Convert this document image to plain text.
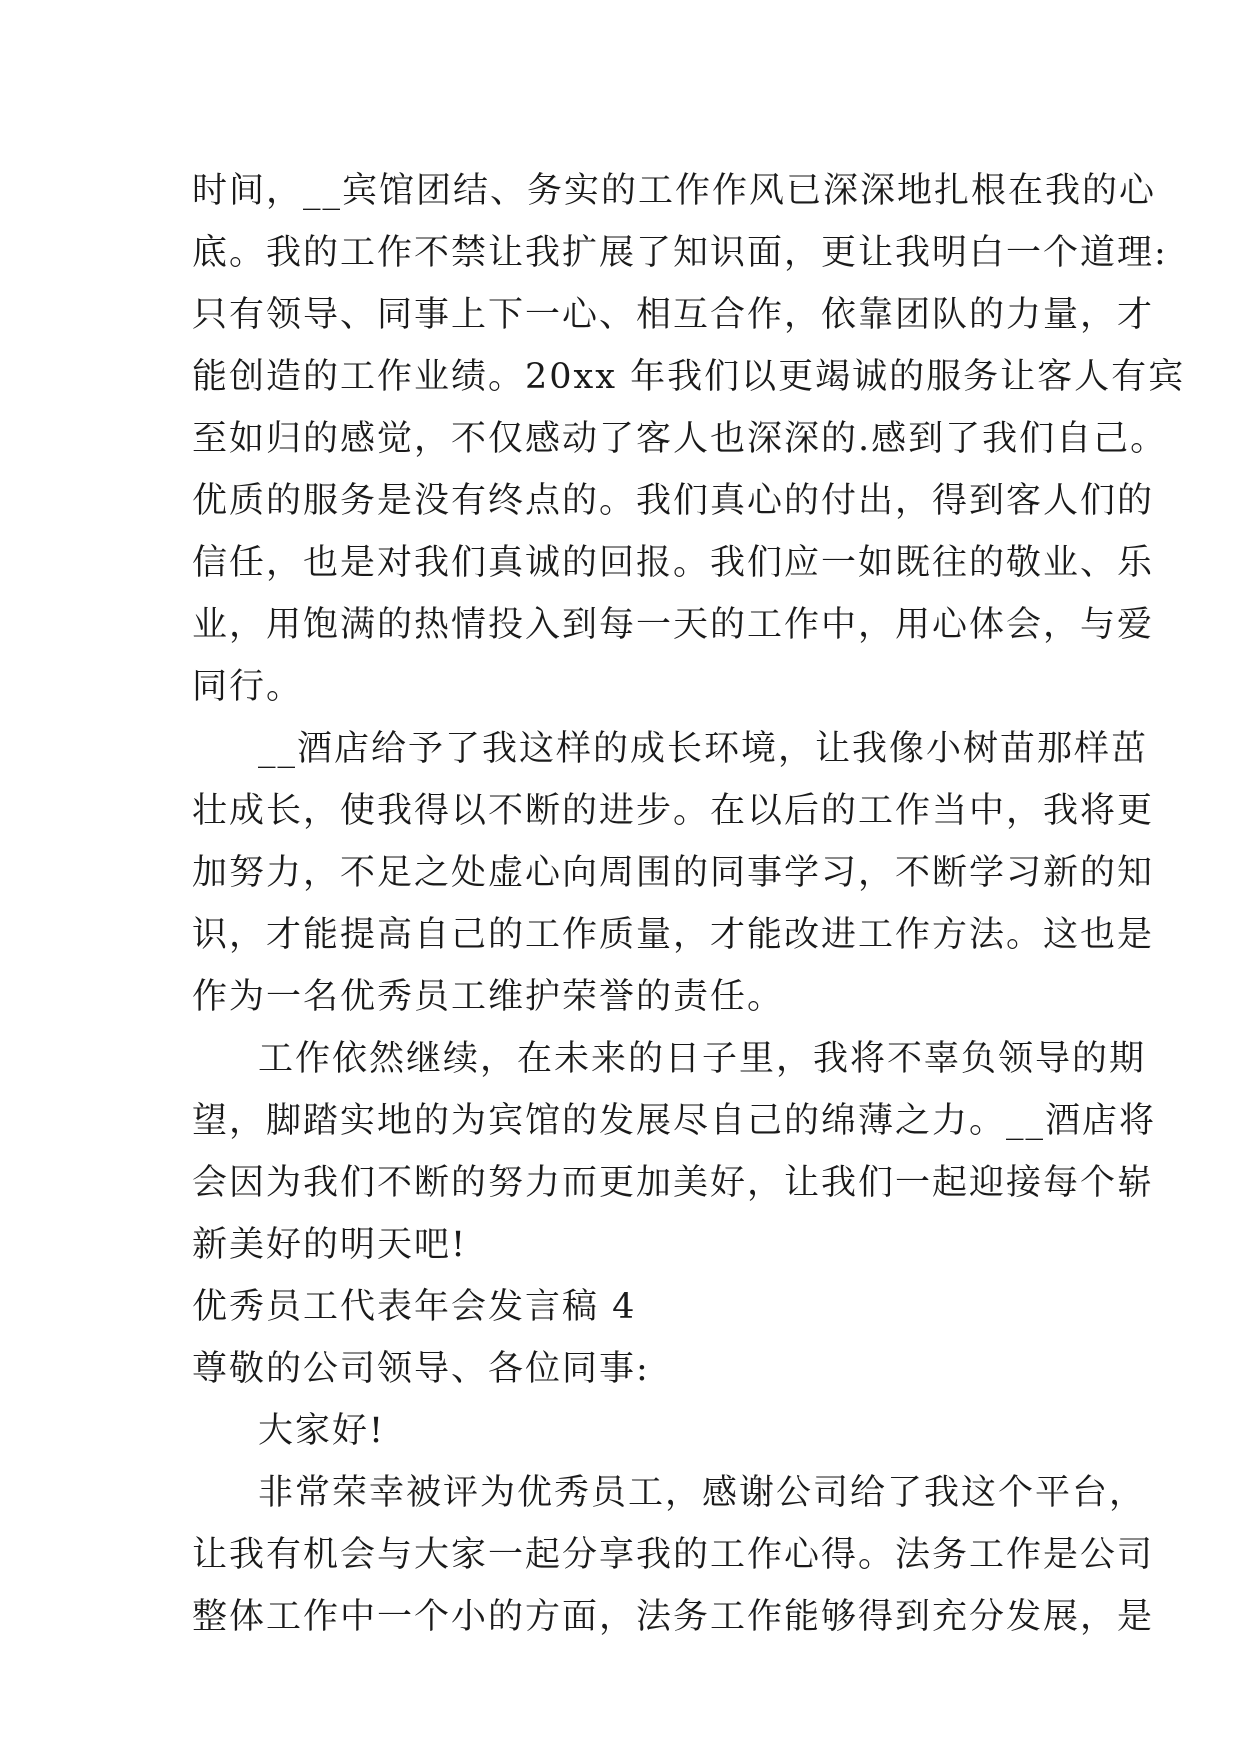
时间，__宾馆团结、务实的工作作风已深深地扎根在我的心
底。我的工作不禁让我扩展了知识面，更让我明白一个道理:
只有领导、同事上下一心、相互合作，依靠团队的力量，才
能创造的工作业绩。20xx 年我们以更竭诚的服务让客人有宾
至如归的感觉，不仅感动了客人也深深的.感到了我们自己。
优质的服务是没有终点的。我们真心的付出，得到客人们的
信任，也是对我们真诚的回报。我们应一如既往的敬业、乐
业，用饱满的热情投入到每一天的工作中，用心体会，与爱
同行。
__酒店给予了我这样的成长环境，让我像小树苗那样茁
壮成长，使我得以不断的进步。在以后的工作当中，我将更
加努力，不足之处虚心向周围的同事学习，不断学习新的知
识，才能提高自己的工作质量，才能改进工作方法。这也是
作为一名优秀员工维护荣誉的责任。
工作依然继续，在未来的日子里，我将不辜负领导的期
望，脚踏实地的为宾馆的发展尽自己的绵薄之力。__酒店将
会因为我们不断的努力而更加美好，让我们一起迎接每个崭
新美好的明天吧!
优秀员工代表年会发言稿 4
尊敬的公司领导、各位同事:
大家好!
非常荣幸被评为优秀员工，感谢公司给了我这个平台，
让我有机会与大家一起分享我的工作心得。法务工作是公司
整体工作中一个小的方面，法务工作能够得到充分发展，是
